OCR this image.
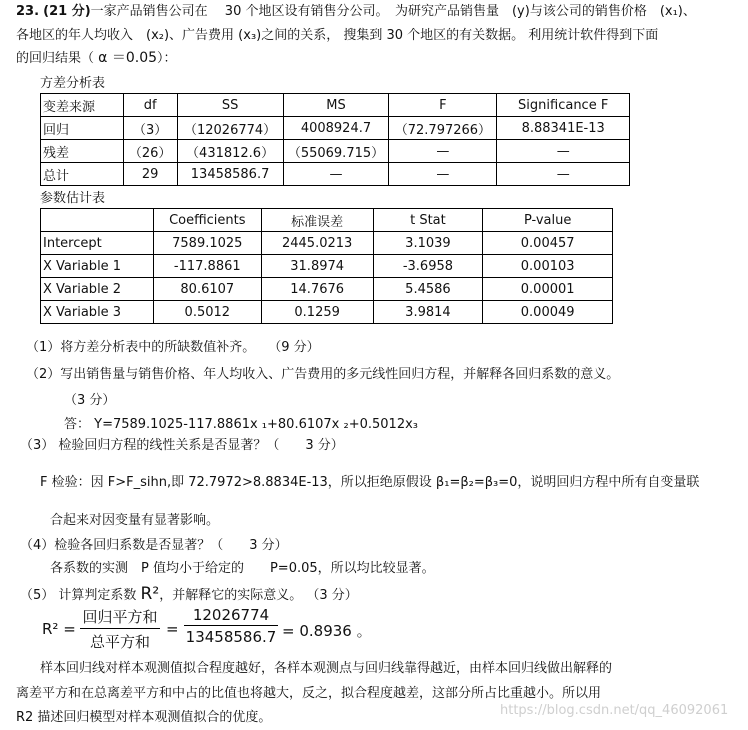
23. (21 分)一家产品销售公司在　 30 个地区设有销售分公司。　为研究产品销售量　(y)与该公司的销售价格　(x₁)、
各地区的年人均收入　(x₂)、广告费用 (x₃)之间的关系， 搜集到 30 个地区的有关数据。 利用统计软件得到下面
的回归结果（ α ＝0.05）：
方差分析表
变差来源	df	SS	MS	F	Significance F
回归	（3）	（12026774）	4008924.7	（72.797266）	8.88341E-13
残差	（26）	（431812.6）	（55069.715）	—	—
总计	29	13458586.7	—	—	—
参数估计表
	Coefficients	标准误差	t Stat	P-value
Intercept	7589.1025	2445.0213	3.1039	0.00457
X Variable 1	-117.8861	31.8974	-3.6958	0.00103
X Variable 2	80.6107	14.7676	5.4586	0.00001
X Variable 3	0.5012	0.1259	3.9814	0.00049
（1）将方差分析表中的所缺数值补齐。　　（9 分）
（2）写出销售量与销售价格、年人均收入、广告费用的多元线性回归方程，并解释各回归系数的意义。
（3 分）
答： Y=7589.1025-117.8861x ₁+80.6107x ₂+0.5012x₃
（3） 检验回归方程的线性关系是否显著？（　　3 分）
F 检验：因 F>F_sihn,即 72.7972>8.8834E-13，所以拒绝原假设 β₁=β₂=β₃=0，说明回归方程中所有自变量联
合起来对因变量有显著影响。
（4）检验各回归系数是否显著？（　　3 分）
各系数的实测　P 值均小于给定的　　P=0.05，所以均比较显著。
（5） 计算判定系数 R²，并解释它的实际意义。 （3 分）
R² =
回归平方和
总平方和
= $\frac{12026774}{13458586.7} = 0.8936$ 。
样本回归线对样本观测值拟合程度越好，各样本观测点与回归线靠得越近，由样本回归线做出解释的
离差平方和在总离差平方和中占的比值也将越大，反之，拟合程度越差，这部分所占比重越小。所以用
R2 描述回归模型对样本观测值拟合的优度。	https://blog.csdn.net/qq_46092061
